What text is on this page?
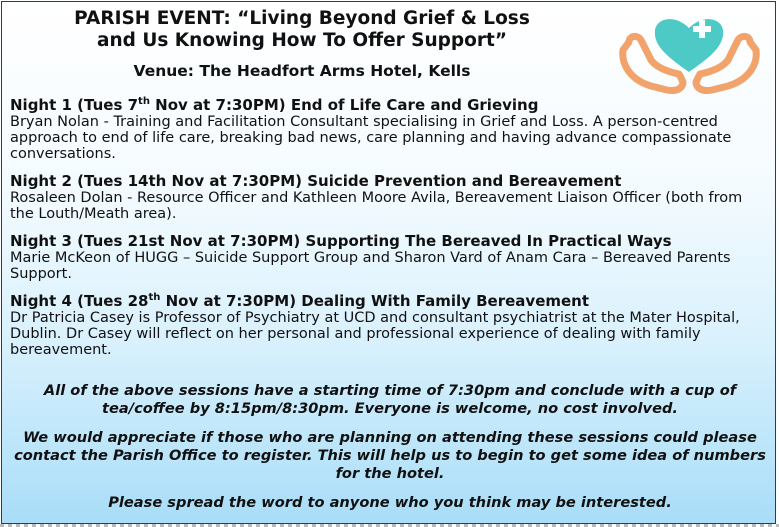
PARISH EVENT: “Living Beyond Grief & Loss
and Us Knowing How To Offer Support”
Venue: The Headfort Arms Hotel, Kells
Night 1 (Tues 7th Nov at 7:30PM) End of Life Care and Grieving
Bryan Nolan - Training and Facilitation Consultant specialising in Grief and Loss. A person-centred approach to end of life care, breaking bad news, care planning and having advance compassionate conversations.
Night 2 (Tues 14th Nov at 7:30PM) Suicide Prevention and Bereavement
Rosaleen Dolan - Resource Officer and Kathleen Moore Avila, Bereavement Liaison Officer (both from the Louth/Meath area).
Night 3 (Tues 21st Nov at 7:30PM) Supporting The Bereaved In Practical Ways
Marie McKeon of HUGG – Suicide Support Group and Sharon Vard of Anam Cara – Bereaved Parents Support.
Night 4 (Tues 28th Nov at 7:30PM) Dealing With Family Bereavement
Dr Patricia Casey is Professor of Psychiatry at UCD and consultant psychiatrist at the Mater Hospital, Dublin. Dr Casey will reflect on her personal and professional experience of dealing with family bereavement.

All of the above sessions have a starting time of 7:30pm and conclude with a cup of tea/coffee by 8:15pm/8:30pm. Everyone is welcome, no cost involved.

We would appreciate if those who are planning on attending these sessions could please contact the Parish Office to register. This will help us to begin to get some idea of numbers for the hotel.

Please spread the word to anyone who you think may be interested.
